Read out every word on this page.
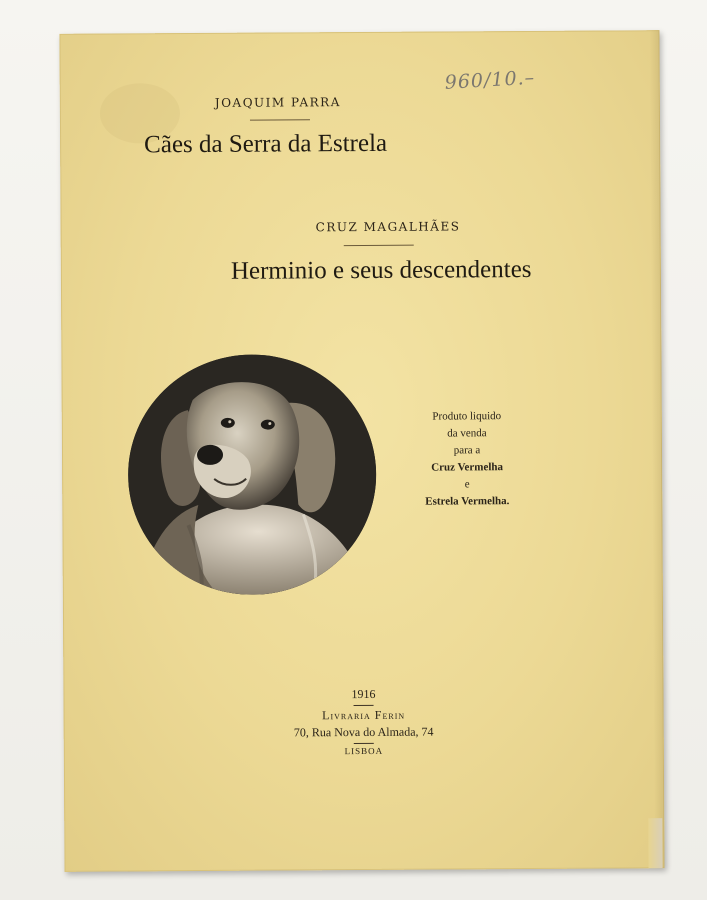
960/10.–
JOAQUIM PARRA
Cães da Serra da Estrela
CRUZ MAGALHÃES
Herminio e seus descendentes
Produto liquido
da venda
para a
Cruz Vermelha
e
Estrela Vermelha.
1916
Livraria Ferin
70, Rua Nova do Almada, 74
LISBOA
